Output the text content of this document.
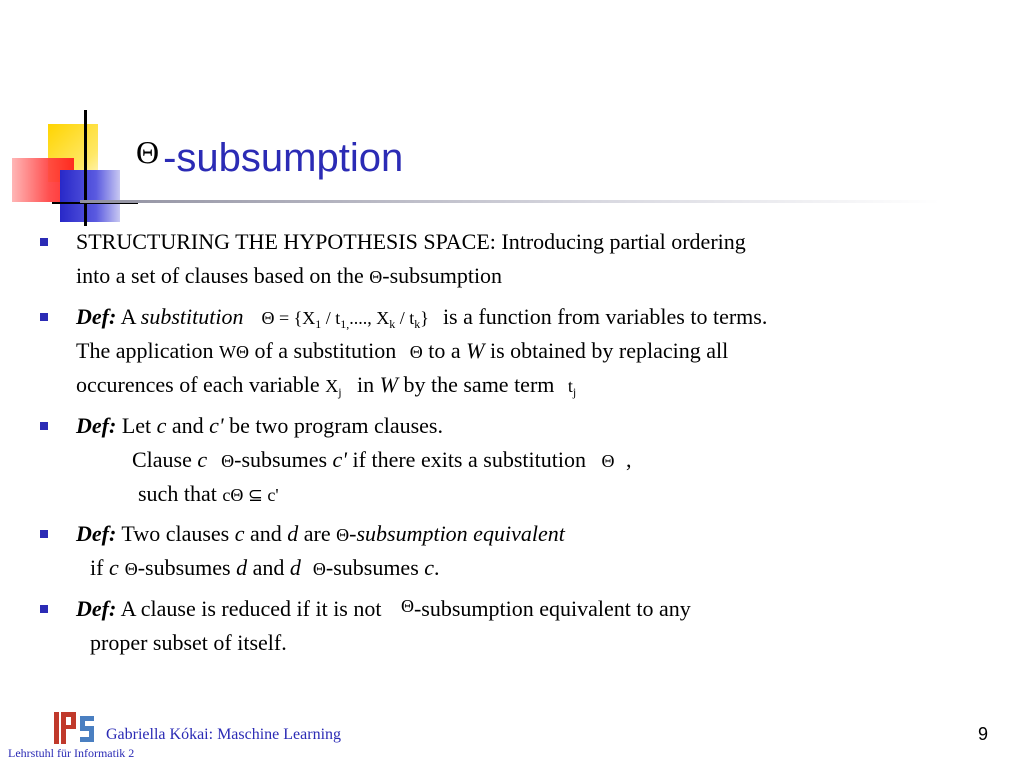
$^\Theta$ -subsumption
STRUCTURING THE HYPOTHESIS SPACE: Introducing partial ordering
into a set of clauses based on the Θ-subsumption
Def: A substitution $\Theta = \{X_1 / t_{1,}$...., $X_k / t_k$} is a function from variables to terms.
The application WΘ of a substitution Θ to a W is obtained by replacing all
occurences of each variable Xj in W by the same term tj
Def: Let c and c' be two program clauses.
Clause c Θ-subsumes c' if there exits a substitution Θ ,
such that cΘ ⊆ c'
Def: Two clauses c and d are Θ-subsumption equivalent
if c Θ-subsumes d and d Θ-subsumes c.
Def: A clause is reduced if it is not Θ-subsumption equivalent to any
proper subset of itself.
Gabriella Kókai: Maschine Learning
Lehrstuhl für Informatik 2
9
